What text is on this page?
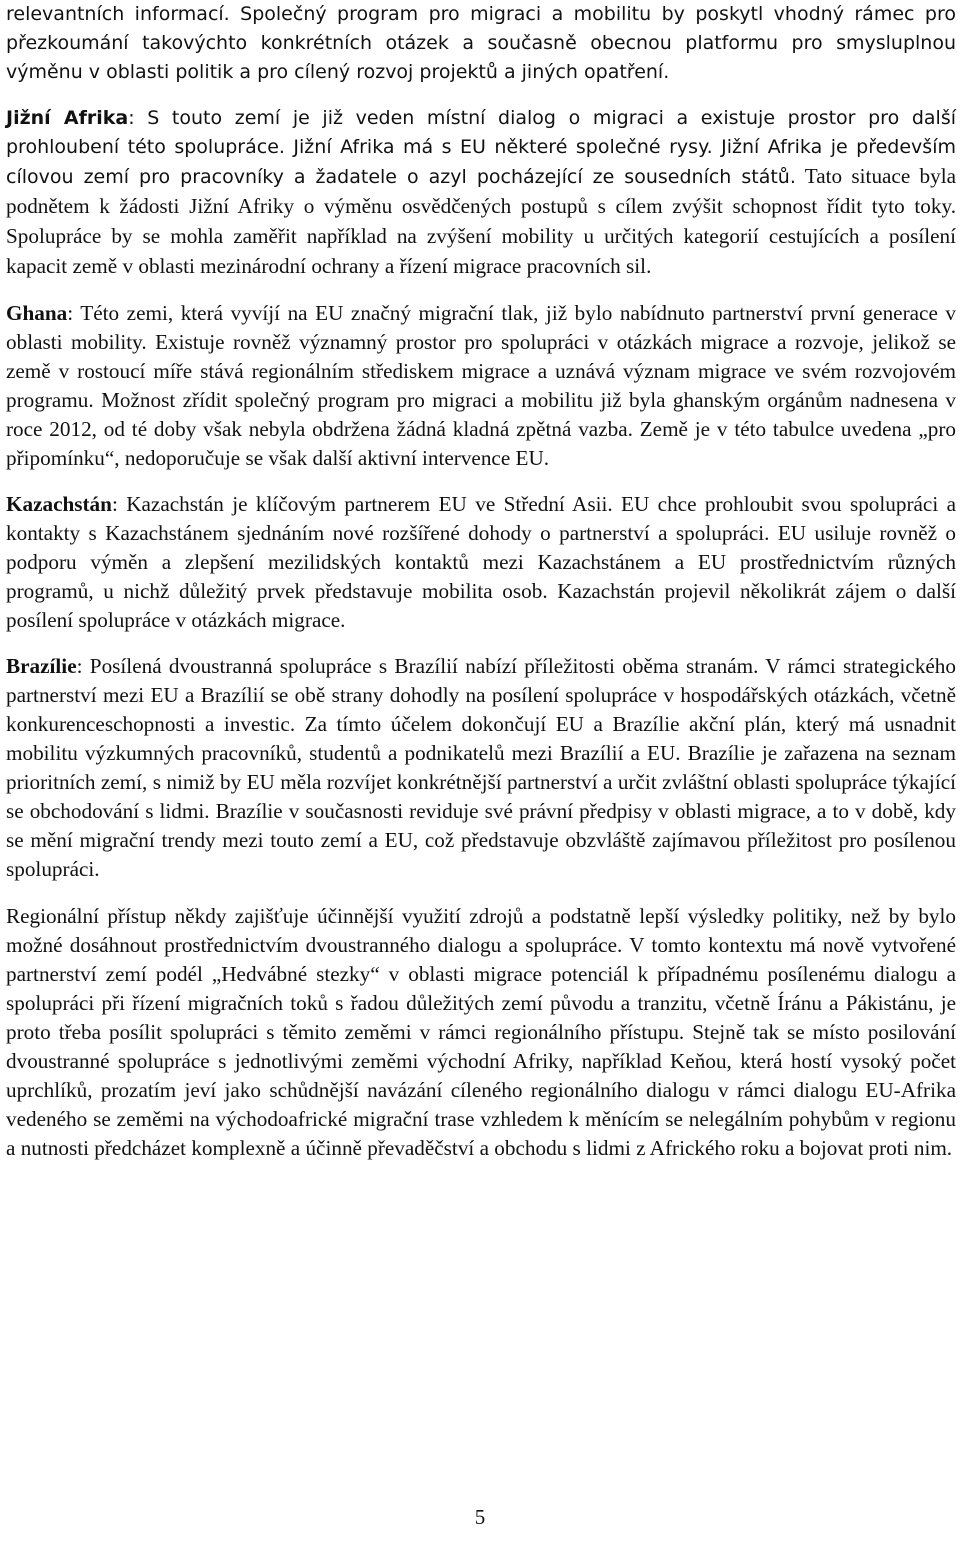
relevantních informací. Společný program pro migraci a mobilitu by poskytl vhodný rámec pro přezkoumání takovýchto konkrétních otázek a současně obecnou platformu pro smysluplnou výměnu v oblasti politik a pro cílený rozvoj projektů a jiných opatření.

Jižní Afrika: S touto zemí je již veden místní dialog o migraci a existuje prostor pro další prohloubení této spolupráce. Jižní Afrika má s EU některé společné rysy. Jižní Afrika je především cílovou zemí pro pracovníky a žadatele o azyl pocházející ze sousedních států. Tato situace byla podnětem k žádosti Jižní Afriky o výměnu osvědčených postupů s cílem zvýšit schopnost řídit tyto toky. Spolupráce by se mohla zaměřit například na zvýšení mobility u určitých kategorií cestujících a posílení kapacit země v oblasti mezinárodní ochrany a řízení migrace pracovních sil.

Ghana: Této zemi, která vyvíjí na EU značný migrační tlak, již bylo nabídnuto partnerství první generace v oblasti mobility. Existuje rovněž významný prostor pro spolupráci v otázkách migrace a rozvoje, jelikož se země v rostoucí míře stává regionálním střediskem migrace a uznává význam migrace ve svém rozvojovém programu. Možnost zřídit společný program pro migraci a mobilitu již byla ghanským orgánům nadnesena v roce 2012, od té doby však nebyla obdržena žádná kladná zpětná vazba. Země je v této tabulce uvedena „pro připomínku“, nedoporučuje se však další aktivní intervence EU.

Kazachstán: Kazachstán je klíčovým partnerem EU ve Střední Asii. EU chce prohloubit svou spolupráci a kontakty s Kazachstánem sjednáním nové rozšířené dohody o partnerství a spolupráci. EU usiluje rovněž o podporu výměn a zlepšení mezilidských kontaktů mezi Kazachstánem a EU prostřednictvím různých programů, u nichž důležitý prvek představuje mobilita osob. Kazachstán projevil několikrát zájem o další posílení spolupráce v otázkách migrace.

Brazílie: Posílená dvoustranná spolupráce s Brazílií nabízí příležitosti oběma stranám. V rámci strategického partnerství mezi EU a Brazílií se obě strany dohodly na posílení spolupráce v hospodářských otázkách, včetně konkurenceschopnosti a investic. Za tímto účelem dokončují EU a Brazílie akční plán, který má usnadnit mobilitu výzkumných pracovníků, studentů a podnikatelů mezi Brazílií a EU. Brazílie je zařazena na seznam prioritních zemí, s nimiž by EU měla rozvíjet konkrétnější partnerství a určit zvláštní oblasti spolupráce týkající se obchodování s lidmi. Brazílie v současnosti reviduje své právní předpisy v oblasti migrace, a to v době, kdy se mění migrační trendy mezi touto zemí a EU, což představuje obzvláště zajímavou příležitost pro posílenou spolupráci.

Regionální přístup někdy zajišťuje účinnější využití zdrojů a podstatně lepší výsledky politiky, než by bylo možné dosáhnout prostřednictvím dvoustranného dialogu a spolupráce. V tomto kontextu má nově vytvořené partnerství zemí podél „Hedvábné stezky“ v oblasti migrace potenciál k případnému posílenému dialogu a spolupráci při řízení migračních toků s řadou důležitých zemí původu a tranzitu, včetně Íránu a Pákistánu, je proto třeba posílit spolupráci s těmito zeměmi v rámci regionálního přístupu. Stejně tak se místo posilování dvoustranné spolupráce s jednotlivými zeměmi východní Afriky, například Keňou, která hostí vysoký počet uprchlíků, prozatím jeví jako schůdnější navázání cíleného regionálního dialogu v rámci dialogu EU-Afrika vedeného se zeměmi na východoafrické migrační trase vzhledem k měnícím se nelegálním pohybům v regionu a nutnosti předcházet komplexně a účinně převaděčství a obchodu s lidmi z Afrického roku a bojovat proti nim.

5
